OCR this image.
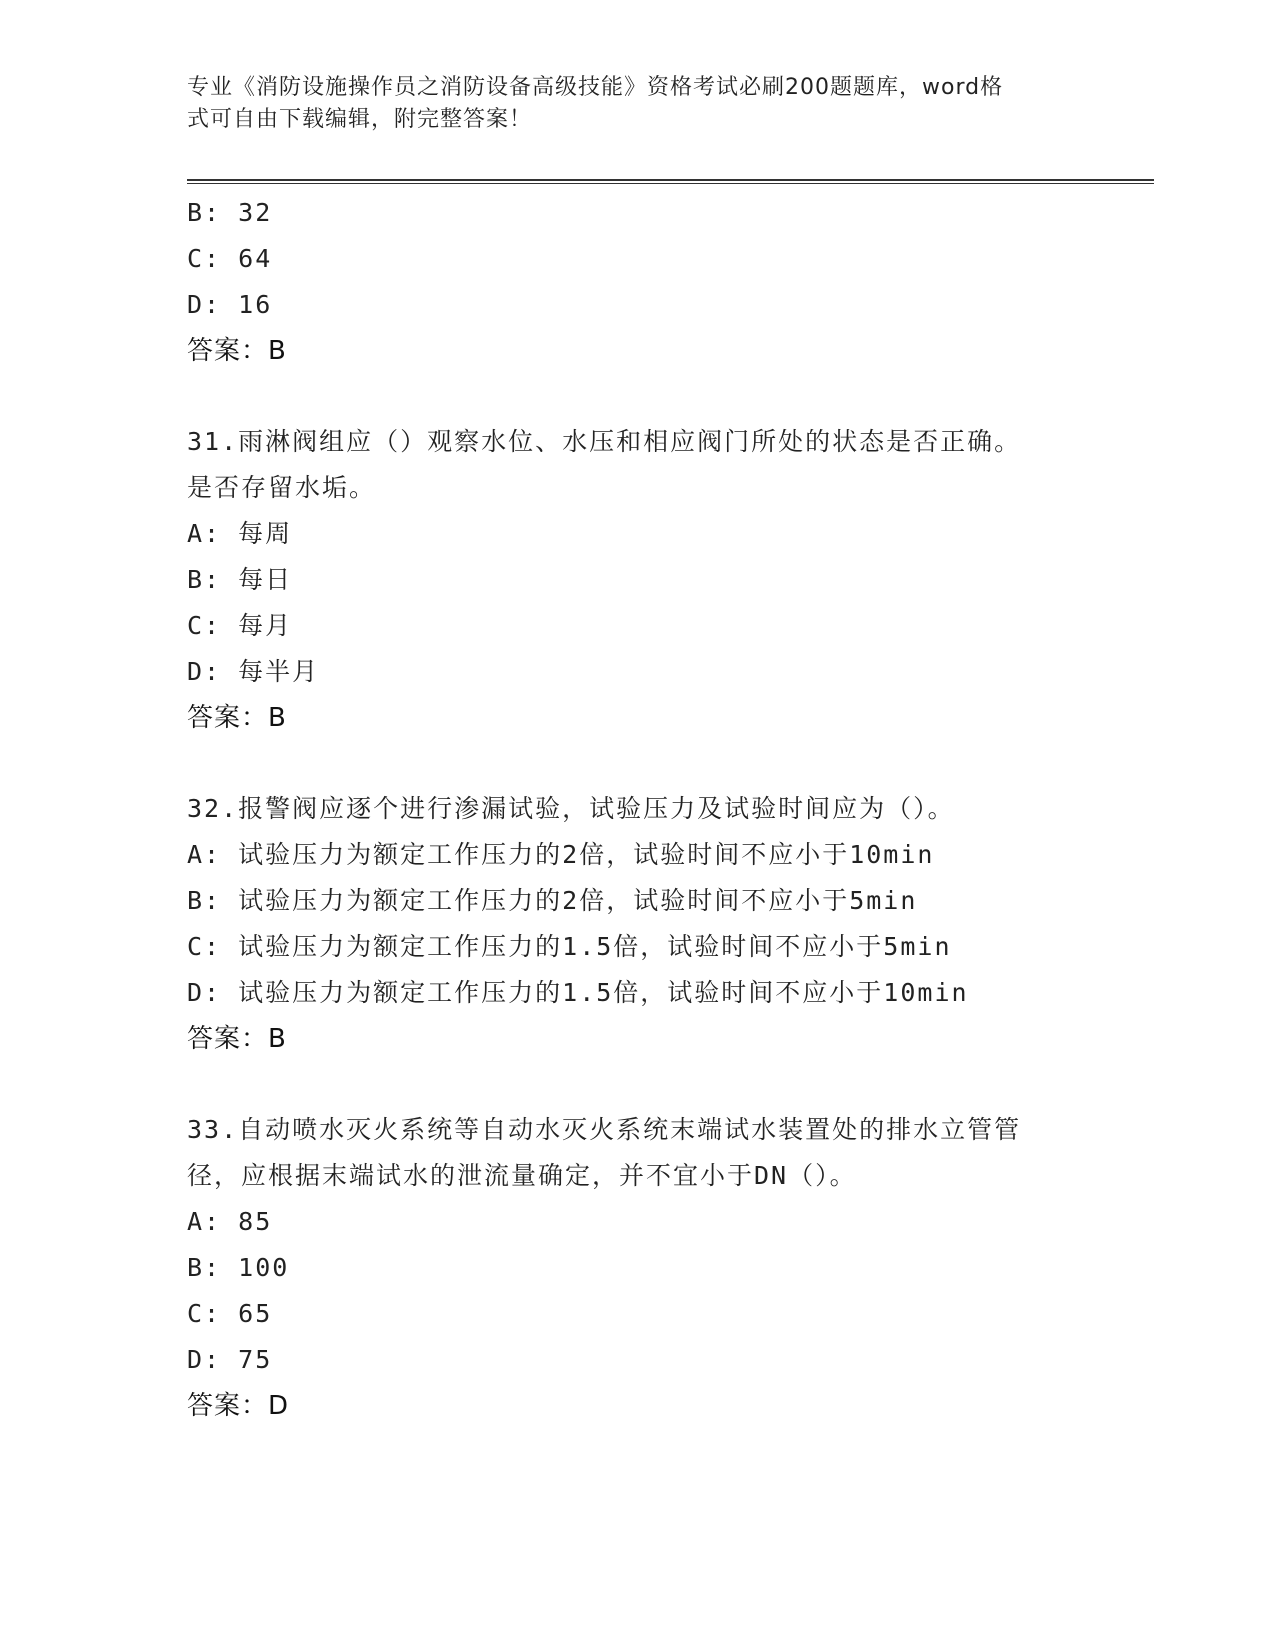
专业《消防设施操作员之消防设备高级技能》资格考试必刷200题题库，word格
式可自由下载编辑，附完整答案！
B: 32
C: 64
D: 16
答案：B
31.雨淋阀组应（）观察水位、水压和相应阀门所处的状态是否正确。
是否存留水垢。
A: 每周
B: 每日
C: 每月
D: 每半月
答案：B
32.报警阀应逐个进行渗漏试验，试验压力及试验时间应为（）。
A: 试验压力为额定工作压力的2倍，试验时间不应小于10min
B: 试验压力为额定工作压力的2倍，试验时间不应小于5min
C: 试验压力为额定工作压力的1.5倍，试验时间不应小于5min
D: 试验压力为额定工作压力的1.5倍，试验时间不应小于10min
答案：B
33.自动喷水灭火系统等自动水灭火系统末端试水装置处的排水立管管
径，应根据末端试水的泄流量确定，并不宜小于DN（）。
A: 85
B: 100
C: 65
D: 75
答案：D
